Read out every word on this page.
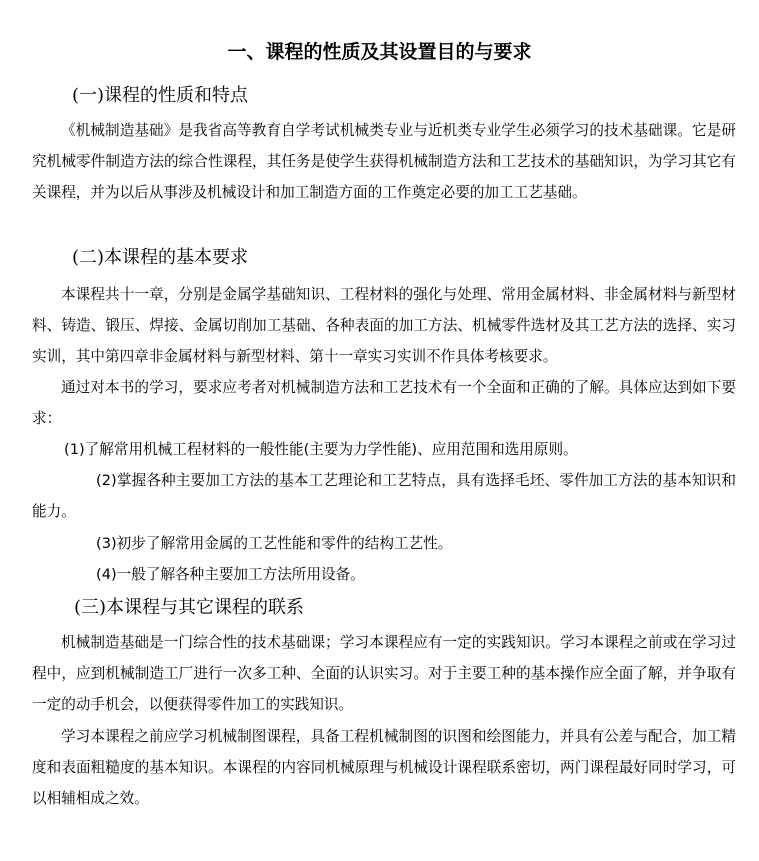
一、课程的性质及其设置目的与要求
(一)课程的性质和特点

《机械制造基础》是我省高等教育自学考试机械类专业与近机类专业学生必须学习的技术基础课。它是研究机械零件制造方法的综合性课程，其任务是使学生获得机械制造方法和工艺技术的基础知识，为学习其它有关课程，并为以后从事涉及机械设计和加工制造方面的工作奠定必要的加工工艺基础。

(二)本课程的基本要求

本课程共十一章，分别是金属学基础知识、工程材料的强化与处理、常用金属材料、非金属材料与新型材料、铸造、锻压、焊接、金属切削加工基础、各种表面的加工方法、机械零件选材及其工艺方法的选择、实习实训，其中第四章非金属材料与新型材料、第十一章实习实训不作具体考核要求。

通过对本书的学习，要求应考者对机械制造方法和工艺技术有一个全面和正确的了解。具体应达到如下要求：

(1)了解常用机械工程材料的一般性能(主要为力学性能)、应用范围和选用原则。

(2)掌握各种主要加工方法的基本工艺理论和工艺特点，具有选择毛坯、零件加工方法的基本知识和能力。

(3)初步了解常用金属的工艺性能和零件的结构工艺性。

(4)一般了解各种主要加工方法所用设备。

(三)本课程与其它课程的联系

机械制造基础是一门综合性的技术基础课；学习本课程应有一定的实践知识。学习本课程之前或在学习过程中，应到机械制造工厂进行一次多工种、全面的认识实习。对于主要工种的基本操作应全面了解，并争取有一定的动手机会，以便获得零件加工的实践知识。

学习本课程之前应学习机械制图课程，具备工程机械制图的识图和绘图能力，并具有公差与配合，加工精度和表面粗糙度的基本知识。本课程的内容同机械原理与机械设计课程联系密切，两门课程最好同时学习，可以相辅相成之效。
